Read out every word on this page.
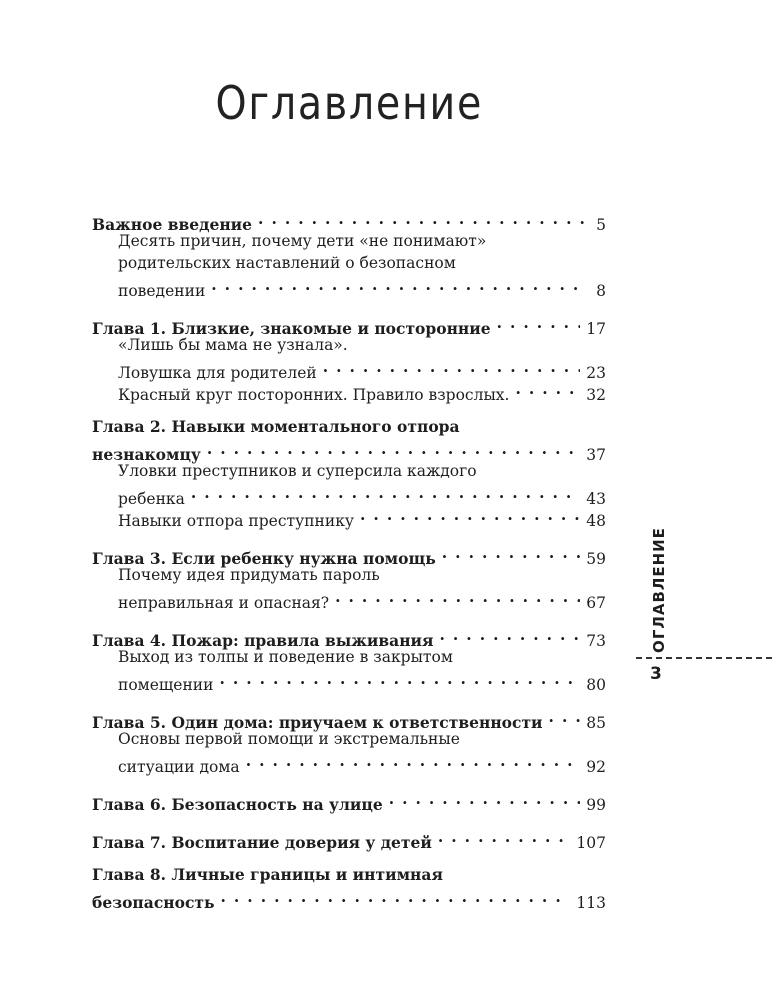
Оглавление
Важное введение . . .	5
Десять причин, почему дети «не понимают»
родительских наставлений о безопасном
поведении . . .	8
Глава 1. Близкие, знакомые и посторонние . . .	17
«Лишь бы мама не узнала».
Ловушка для родителей . . .	23
Красный круг посторонних. Правило взрослых. . . .	32
Глава 2. Навыки моментального отпора
незнакомцу . . .	37
Уловки преступников и суперсила каждого
ребенка . . .	43
Навыки отпора преступнику . . .	48
Глава 3. Если ребенку нужна помощь . . .	59
Почему идея придумать пароль
неправильная и опасная? . . .	67
Глава 4. Пожар: правила выживания . . .	73
Выход из толпы и поведение в закрытом
помещении . . .	80
Глава 5. Один дома: приучаем к ответственности . . .	85
Основы первой помощи и экстремальные
ситуации дома . . .	92
Глава 6. Безопасность на улице . . .	99
Глава 7. Воспитание доверия у детей . . .	107
Глава 8. Личные границы и интимная
безопасность . . .	113
ОГЛАВЛЕНИЕ
3
